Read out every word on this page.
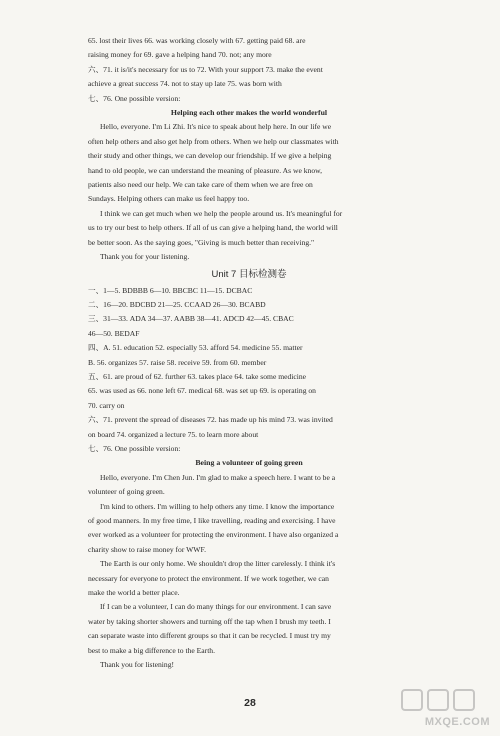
65. lost their lives 66. was working closely with 67. getting paid 68. are
raising money for 69. gave a helping hand 70. not; any more
六、71. it is/it's necessary for us to 72. With your support 73. make the event
achieve a great success 74. not to stay up late 75. was born with
七、76. One possible version:
Helping each other makes the world wonderful
Hello, everyone. I'm Li Zhi. It's nice to speak about help here. In our life we
often help others and also get help from others. When we help our classmates with
their study and other things, we can develop our friendship. If we give a helping
hand to old people, we can understand the meaning of pleasure. As we know,
patients also need our help. We can take care of them when we are free on
Sundays. Helping others can make us feel happy too.
I think we can get much when we help the people around us. It's meaningful for
us to try our best to help others. If all of us can give a helping hand, the world will
be better soon. As the saying goes, "Giving is much better than receiving."
Thank you for your listening.
Unit 7 目标检测卷
一、1—5. BDBBB 6—10. BBCBC 11—15. DCBAC
二、16—20. BDCBD 21—25. CCAAD 26—30. BCABD
三、31—33. ADA 34—37. AABB 38—41. ADCD 42—45. CBAC
46—50. BEDAF
四、A. 51. education 52. especially 53. afford 54. medicine 55. matter
B. 56. organizes 57. raise 58. receive 59. from 60. member
五、61. are proud of 62. further 63. takes place 64. take some medicine
65. was used as 66. none left 67. medical 68. was set up 69. is operating on
70. carry on
六、71. prevent the spread of diseases 72. has made up his mind 73. was invited
on board 74. organized a lecture 75. to learn more about
七、76. One possible version:
Being a volunteer of going green
Hello, everyone. I'm Chen Jun. I'm glad to make a speech here. I want to be a
volunteer of going green.
I'm kind to others. I'm willing to help others any time. I know the importance
of good manners. In my free time, I like travelling, reading and exercising. I have
ever worked as a volunteer for protecting the environment. I have also organized a
charity show to raise money for WWF.
The Earth is our only home. We shouldn't drop the litter carelessly. I think it's
necessary for everyone to protect the environment. If we work together, we can
make the world a better place.
If I can be a volunteer, I can do many things for our environment. I can save
water by taking shorter showers and turning off the tap when I brush my teeth. I
can separate waste into different groups so that it can be recycled. I must try my
best to make a big difference to the Earth.
Thank you for listening!
28
MXQE.COM
